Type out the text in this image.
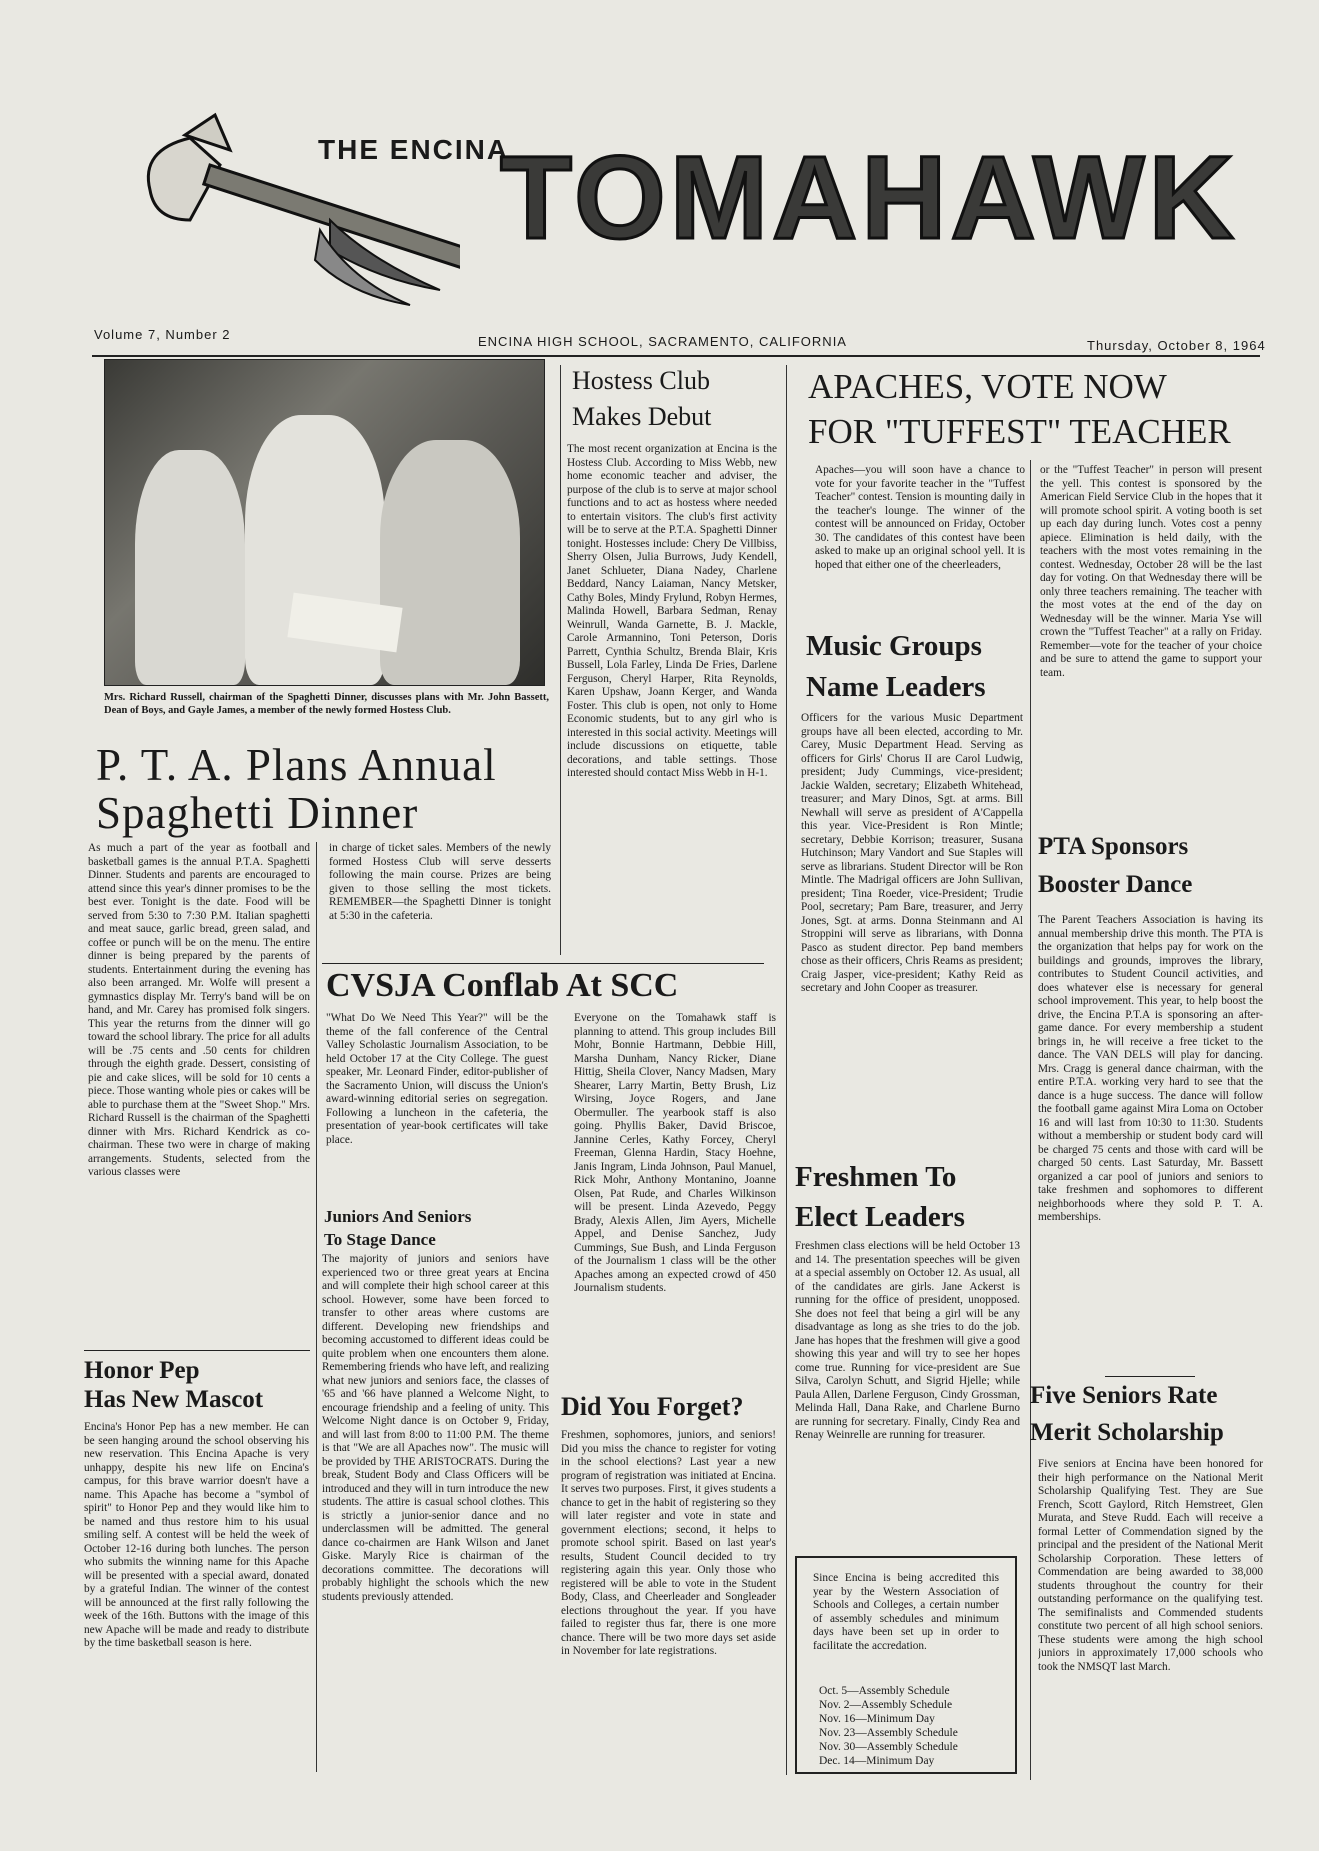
THE ENCINA
TOMAHAWK
Volume 7, Number 2	ENCINA HIGH SCHOOL, SACRAMENTO, CALIFORNIA	Thursday, October 8, 1964
Mrs. Richard Russell, chairman of the Spaghetti Dinner, discusses plans with Mr. John Bassett, Dean of Boys, and Gayle James, a member of the newly formed Hostess Club.
P. T. A. Plans Annual
Spaghetti Dinner
As much a part of the year as football and basketball games is the annual P.T.A. Spaghetti Dinner. Students and parents are encouraged to attend since this year's dinner promises to be the best ever. Tonight is the date. Food will be served from 5:30 to 7:30 P.M. Italian spaghetti and meat sauce, garlic bread, green salad, and coffee or punch will be on the menu. The entire dinner is being prepared by the parents of students. Entertainment during the evening has also been arranged. Mr. Wolfe will present a gymnastics display Mr. Terry's band will be on hand, and Mr. Carey has promised folk singers. This year the returns from the dinner will go toward the school library. The price for all adults will be .75 cents and .50 cents for children through the eighth grade. Dessert, consisting of pie and cake slices, will be sold for 10 cents a piece. Those wanting whole pies or cakes will be able to purchase them at the "Sweet Shop." Mrs. Richard Russell is the chairman of the Spaghetti dinner with Mrs. Richard Kendrick as co-chairman. These two were in charge of making arrangements. Students, selected from the various classes were
in charge of ticket sales. Members of the newly formed Hostess Club will serve desserts following the main course. Prizes are being given to those selling the most tickets. REMEMBER—the Spaghetti Dinner is tonight at 5:30 in the cafeteria.
CVSJA Conflab At SCC
"What Do We Need This Year?" will be the theme of the fall conference of the Central Valley Scholastic Journalism Association, to be held October 17 at the City College. The guest speaker, Mr. Leonard Finder, editor-publisher of the Sacramento Union, will discuss the Union's award-winning editorial series on segregation. Following a luncheon in the cafeteria, the presentation of year-book certificates will take place.
Everyone on the Tomahawk staff is planning to attend. This group includes Bill Mohr, Bonnie Hartmann, Debbie Hill, Marsha Dunham, Nancy Ricker, Diane Hittig, Sheila Clover, Nancy Madsen, Mary Shearer, Larry Martin, Betty Brush, Liz Wirsing, Joyce Rogers, and Jane Obermuller. The yearbook staff is also going. Phyllis Baker, David Briscoe, Jannine Cerles, Kathy Forcey, Cheryl Freeman, Glenna Hardin, Stacy Hoehne, Janis Ingram, Linda Johnson, Paul Manuel, Rick Mohr, Anthony Montanino, Joanne Olsen, Pat Rude, and Charles Wilkinson will be present. Linda Azevedo, Peggy Brady, Alexis Allen, Jim Ayers, Michelle Appel, and Denise Sanchez, Judy Cummings, Sue Bush, and Linda Ferguson of the Journalism 1 class will be the other Apaches among an expected crowd of 450 Journalism students.
Juniors And Seniors
To Stage Dance
The majority of juniors and seniors have experienced two or three great years at Encina and will complete their high school career at this school. However, some have been forced to transfer to other areas where customs are different. Developing new friendships and becoming accustomed to different ideas could be quite problem when one encounters them alone. Remembering friends who have left, and realizing what new juniors and seniors face, the classes of '65 and '66 have planned a Welcome Night, to encourage friendship and a feeling of unity. This Welcome Night dance is on October 9, Friday, and will last from 8:00 to 11:00 P.M. The theme is that "We are all Apaches now". The music will be provided by THE ARISTOCRATS. During the break, Student Body and Class Officers will be introduced and they will in turn introduce the new students. The attire is casual school clothes. This is strictly a junior-senior dance and no underclassmen will be admitted. The general dance co-chairmen are Hank Wilson and Janet Giske. Maryly Rice is chairman of the decorations committee. The decorations will probably highlight the schools which the new students previously attended.
Honor Pep
Has New Mascot
Encina's Honor Pep has a new member. He can be seen hanging around the school observing his new reservation. This Encina Apache is very unhappy, despite his new life on Encina's campus, for this brave warrior doesn't have a name. This Apache has become a "symbol of spirit" to Honor Pep and they would like him to be named and thus restore him to his usual smiling self. A contest will be held the week of October 12-16 during both lunches. The person who submits the winning name for this Apache will be presented with a special award, donated by a grateful Indian. The winner of the contest will be announced at the first rally following the week of the 16th. Buttons with the image of this new Apache will be made and ready to distribute by the time basketball season is here.
Hostess Club
Makes Debut
The most recent organization at Encina is the Hostess Club. According to Miss Webb, new home economic teacher and adviser, the purpose of the club is to serve at major school functions and to act as hostess where needed to entertain visitors. The club's first activity will be to serve at the P.T.A. Spaghetti Dinner tonight. Hostesses include: Chery De Villbiss, Sherry Olsen, Julia Burrows, Judy Kendell, Janet Schlueter, Diana Nadey, Charlene Beddard, Nancy Laiaman, Nancy Metsker, Cathy Boles, Mindy Frylund, Robyn Hermes, Malinda Howell, Barbara Sedman, Renay Weinrull, Wanda Garnette, B. J. Mackle, Carole Armannino, Toni Peterson, Doris Parrett, Cynthia Schultz, Brenda Blair, Kris Bussell, Lola Farley, Linda De Fries, Darlene Ferguson, Cheryl Harper, Rita Reynolds, Karen Upshaw, Joann Kerger, and Wanda Foster. This club is open, not only to Home Economic students, but to any girl who is interested in this social activity. Meetings will include discussions on etiquette, table decorations, and table settings. Those interested should contact Miss Webb in H-1.
Did You Forget?
Freshmen, sophomores, juniors, and seniors! Did you miss the chance to register for voting in the school elections? Last year a new program of registration was initiated at Encina. It serves two purposes. First, it gives students a chance to get in the habit of registering so they will later register and vote in state and government elections; second, it helps to promote school spirit. Based on last year's results, Student Council decided to try registering again this year. Only those who registered will be able to vote in the Student Body, Class, and Cheerleader and Songleader elections throughout the year. If you have failed to register thus far, there is one more chance. There will be two more days set aside in November for late registrations.
APACHES, VOTE NOW
FOR "TUFFEST" TEACHER
Apaches—you will soon have a chance to vote for your favorite teacher in the "Tuffest Teacher" contest. Tension is mounting daily in the teacher's lounge. The winner of the contest will be announced on Friday, October 30. The candidates of this contest have been asked to make up an original school yell. It is hoped that either one of the cheerleaders,
or the "Tuffest Teacher" in person will present the yell. This contest is sponsored by the American Field Service Club in the hopes that it will promote school spirit. A voting booth is set up each day during lunch. Votes cost a penny apiece. Elimination is held daily, with the teachers with the most votes remaining in the contest. Wednesday, October 28 will be the last day for voting. On that Wednesday there will be only three teachers remaining. The teacher with the most votes at the end of the day on Wednesday will be the winner. Maria Yse will crown the "Tuffest Teacher" at a rally on Friday. Remember—vote for the teacher of your choice and be sure to attend the game to support your team.
Music Groups
Name Leaders
Officers for the various Music Department groups have all been elected, according to Mr. Carey, Music Department Head. Serving as officers for Girls' Chorus II are Carol Ludwig, president; Judy Cummings, vice-president; Jackie Walden, secretary; Elizabeth Whitehead, treasurer; and Mary Dinos, Sgt. at arms. Bill Newhall will serve as president of A'Cappella this year. Vice-President is Ron Mintle; secretary, Debbie Korrison; treasurer, Susana Hutchinson; Mary Vandort and Sue Staples will serve as librarians. Student Director will be Ron Mintle. The Madrigal officers are John Sullivan, president; Tina Roeder, vice-President; Trudie Pool, secretary; Pam Bare, treasurer, and Jerry Jones, Sgt. at arms. Donna Steinmann and Al Stroppini will serve as librarians, with Donna Pasco as student director. Pep band members chose as their officers, Chris Reams as president; Craig Jasper, vice-president; Kathy Reid as secretary and John Cooper as treasurer.
Freshmen To
Elect Leaders
Freshmen class elections will be held October 13 and 14. The presentation speeches will be given at a special assembly on October 12. As usual, all of the candidates are girls. Jane Ackerst is running for the office of president, unopposed. She does not feel that being a girl will be any disadvantage as long as she tries to do the job. Jane has hopes that the freshmen will give a good showing this year and will try to see her hopes come true. Running for vice-president are Sue Silva, Carolyn Schutt, and Sigrid Hjelle; while Paula Allen, Darlene Ferguson, Cindy Grossman, Melinda Hall, Dana Rake, and Charlene Burno are running for secretary. Finally, Cindy Rea and Renay Weinrelle are running for treasurer.
Since Encina is being accredited this year by the Western Association of Schools and Colleges, a certain number of assembly schedules and minimum days have been set up in order to facilitate the accredation.
Oct. 5—Assembly Schedule
Nov. 2—Assembly Schedule
Nov. 16—Minimum Day
Nov. 23—Assembly Schedule
Nov. 30—Assembly Schedule
Dec. 14—Minimum Day
PTA Sponsors
Booster Dance
The Parent Teachers Association is having its annual membership drive this month. The PTA is the organization that helps pay for work on the buildings and grounds, improves the library, contributes to Student Council activities, and does whatever else is necessary for general school improvement. This year, to help boost the drive, the Encina P.T.A is sponsoring an after-game dance. For every membership a student brings in, he will receive a free ticket to the dance. The VAN DELS will play for dancing. Mrs. Cragg is general dance chairman, with the entire P.T.A. working very hard to see that the dance is a huge success. The dance will follow the football game against Mira Loma on October 16 and will last from 10:30 to 11:30. Students without a membership or student body card will be charged 75 cents and those with card will be charged 50 cents. Last Saturday, Mr. Bassett organized a car pool of juniors and seniors to take freshmen and sophomores to different neighborhoods where they sold P. T. A. memberships.
Five Seniors Rate
Merit Scholarship
Five seniors at Encina have been honored for their high performance on the National Merit Scholarship Qualifying Test. They are Sue French, Scott Gaylord, Ritch Hemstreet, Glen Murata, and Steve Rudd. Each will receive a formal Letter of Commendation signed by the principal and the president of the National Merit Scholarship Corporation. These letters of Commendation are being awarded to 38,000 students throughout the country for their outstanding performance on the qualifying test. The semifinalists and Commended students constitute two percent of all high school seniors. These students were among the high school juniors in approximately 17,000 schools who took the NMSQT last March.
